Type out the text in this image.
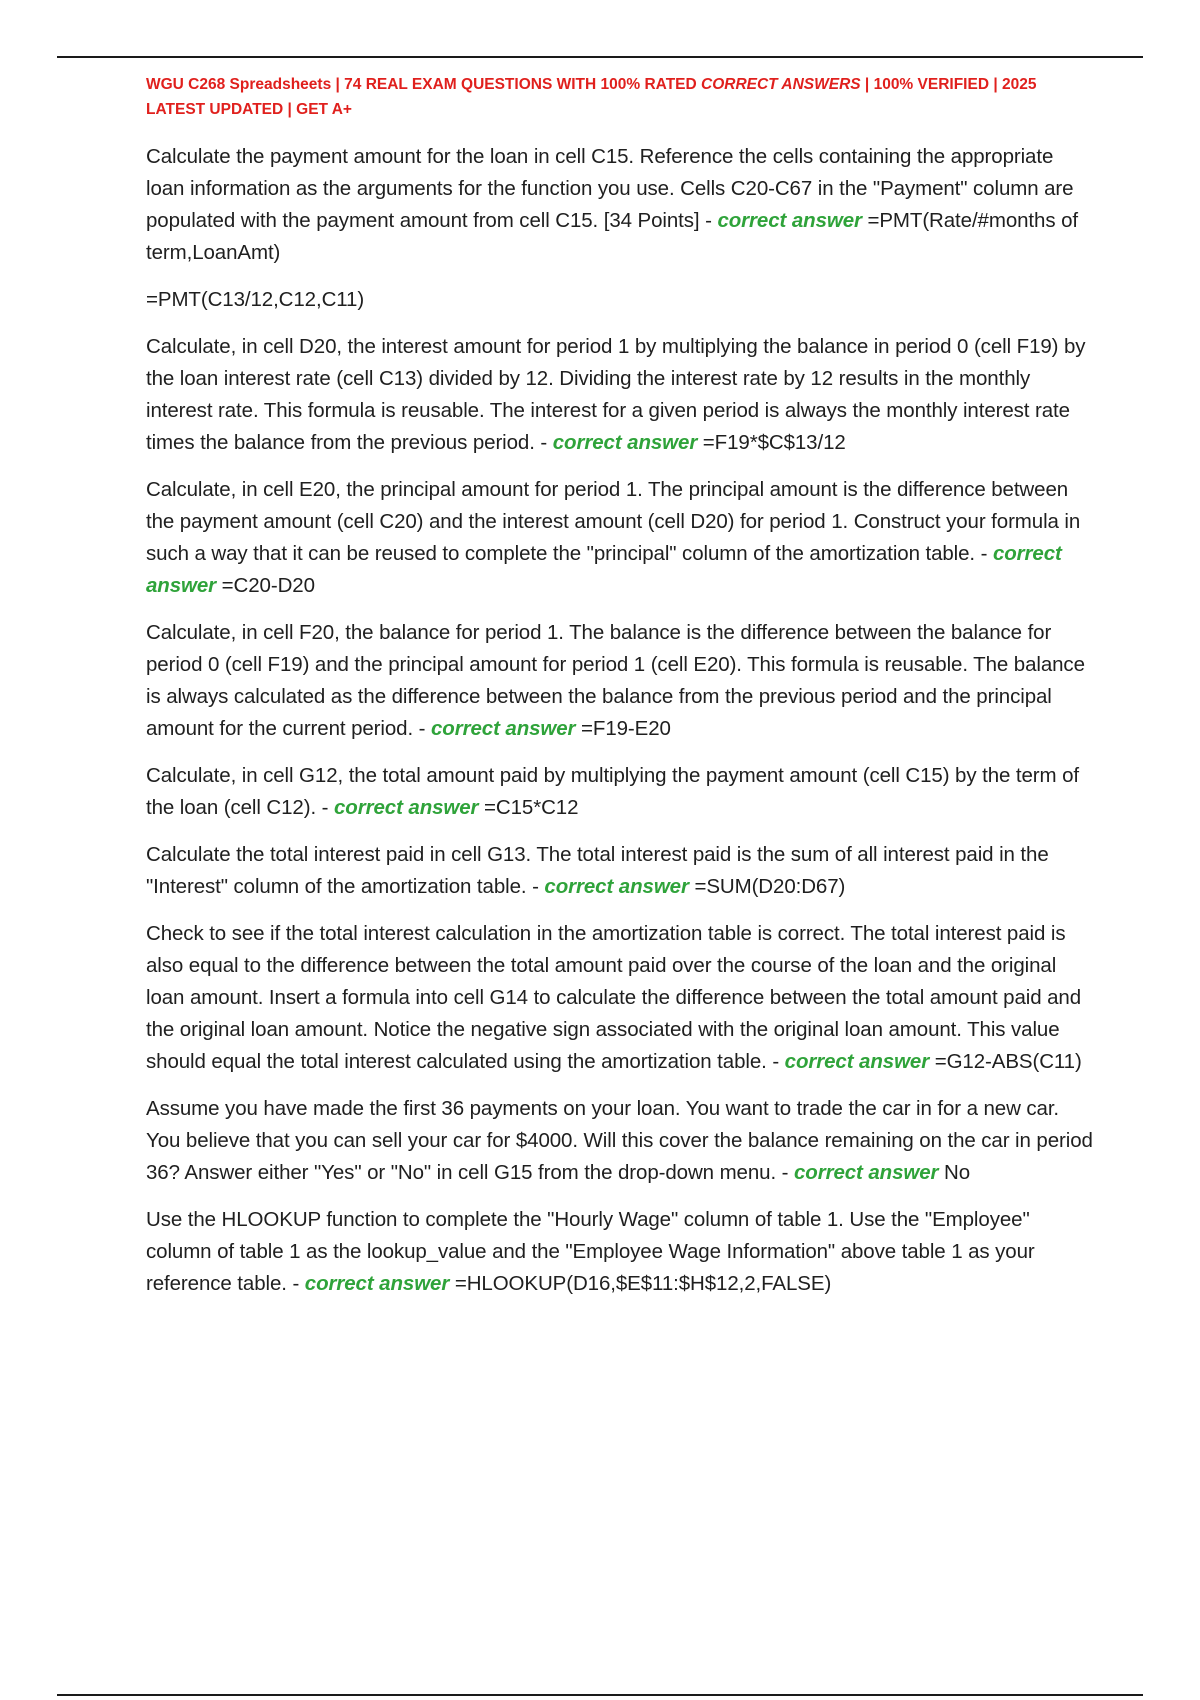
WGU C268 Spreadsheets | 74 REAL EXAM QUESTIONS WITH 100% RATED CORRECT ANSWERS | 100% VERIFIED | 2025 LATEST UPDATED | GET A+

Calculate the payment amount for the loan in cell C15. Reference the cells containing the appropriate loan information as the arguments for the function you use. Cells C20-C67 in the "Payment" column are populated with the payment amount from cell C15. [34 Points] - correct answer =PMT(Rate/#months of term,LoanAmt)

=PMT(C13/12,C12,C11)

Calculate, in cell D20, the interest amount for period 1 by multiplying the balance in period 0 (cell F19) by the loan interest rate (cell C13) divided by 12. Dividing the interest rate by 12 results in the monthly interest rate. This formula is reusable. The interest for a given period is always the monthly interest rate times the balance from the previous period. - correct answer =F19*$C$13/12

Calculate, in cell E20, the principal amount for period 1. The principal amount is the difference between the payment amount (cell C20) and the interest amount (cell D20) for period 1. Construct your formula in such a way that it can be reused to complete the "principal" column of the amortization table. - correct answer =C20-D20

Calculate, in cell F20, the balance for period 1. The balance is the difference between the balance for period 0 (cell F19) and the principal amount for period 1 (cell E20). This formula is reusable. The balance is always calculated as the difference between the balance from the previous period and the principal amount for the current period. - correct answer =F19-E20

Calculate, in cell G12, the total amount paid by multiplying the payment amount (cell C15) by the term of the loan (cell C12). - correct answer =C15*C12

Calculate the total interest paid in cell G13. The total interest paid is the sum of all interest paid in the "Interest" column of the amortization table. - correct answer =SUM(D20:D67)

Check to see if the total interest calculation in the amortization table is correct. The total interest paid is also equal to the difference between the total amount paid over the course of the loan and the original loan amount. Insert a formula into cell G14 to calculate the difference between the total amount paid and the original loan amount. Notice the negative sign associated with the original loan amount. This value should equal the total interest calculated using the amortization table. - correct answer =G12-ABS(C11)

Assume you have made the first 36 payments on your loan. You want to trade the car in for a new car. You believe that you can sell your car for $4000. Will this cover the balance remaining on the car in period 36? Answer either "Yes" or "No" in cell G15 from the drop-down menu. - correct answer No

Use the HLOOKUP function to complete the "Hourly Wage" column of table 1. Use the "Employee" column of table 1 as the lookup_value and the "Employee Wage Information" above table 1 as your reference table. - correct answer =HLOOKUP(D16,$E$11:$H$12,2,FALSE)
